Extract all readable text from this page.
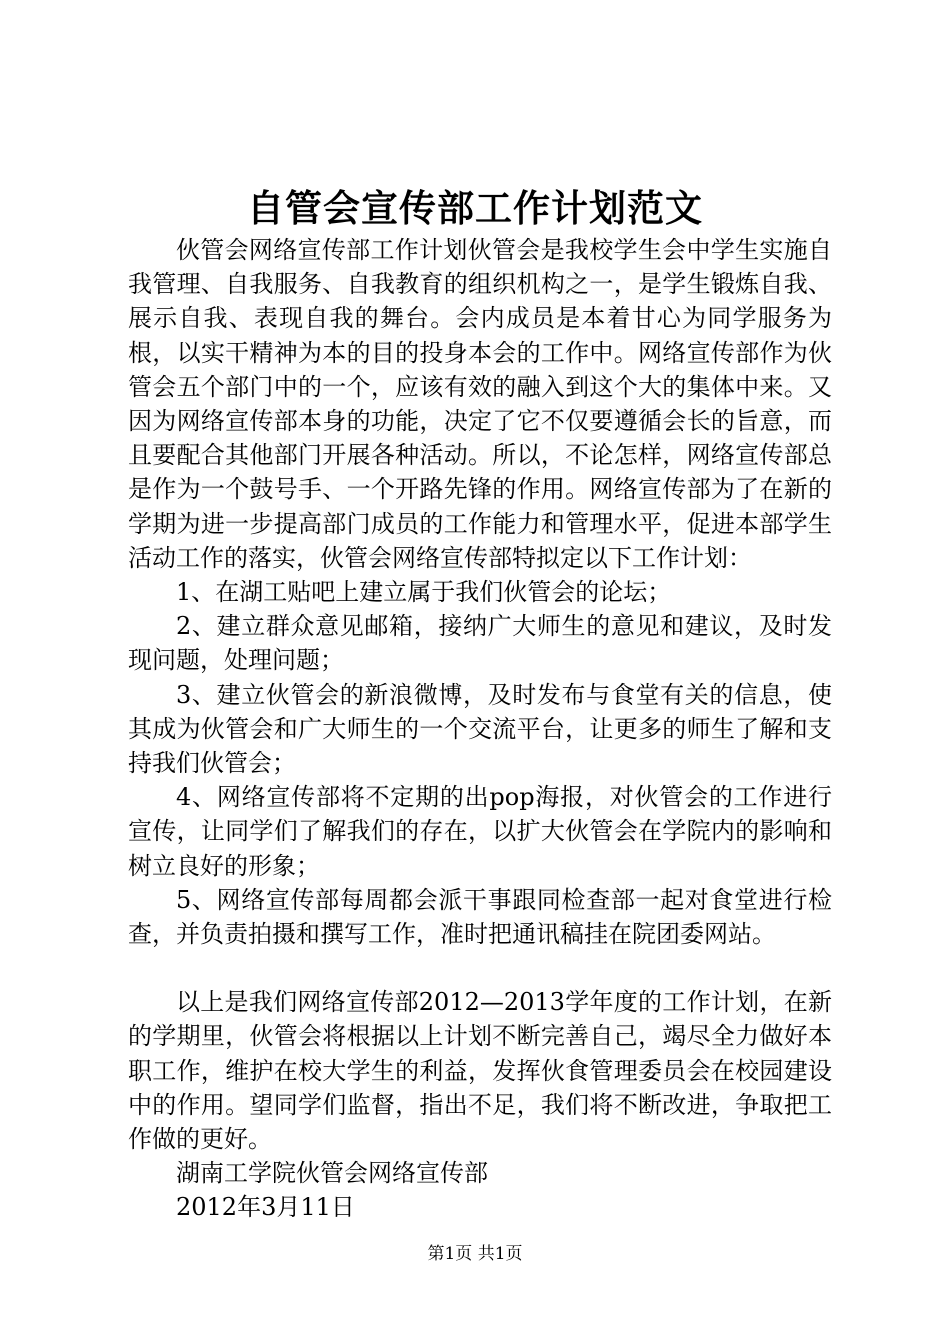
自管会宣传部工作计划范文

伙管会网络宣传部工作计划伙管会是我校学生会中学生实施自我管理、自我服务、自我教育的组织机构之一，是学生锻炼自我、展示自我、表现自我的舞台。会内成员是本着甘心为同学服务为根，以实干精神为本的目的投身本会的工作中。网络宣传部作为伙管会五个部门中的一个，应该有效的融入到这个大的集体中来。又因为网络宣传部本身的功能，决定了它不仅要遵循会长的旨意，而且要配合其他部门开展各种活动。所以，不论怎样，网络宣传部总是作为一个鼓号手、一个开路先锋的作用。网络宣传部为了在新的学期为进一步提高部门成员的工作能力和管理水平，促进本部学生活动工作的落实，伙管会网络宣传部特拟定以下工作计划：

1、在湖工贴吧上建立属于我们伙管会的论坛；

2、建立群众意见邮箱，接纳广大师生的意见和建议，及时发现问题，处理问题；

3、建立伙管会的新浪微博，及时发布与食堂有关的信息，使其成为伙管会和广大师生的一个交流平台，让更多的师生了解和支持我们伙管会；

4、网络宣传部将不定期的出pop海报，对伙管会的工作进行宣传，让同学们了解我们的存在，以扩大伙管会在学院内的影响和树立良好的形象；

5、网络宣传部每周都会派干事跟同检查部一起对食堂进行检查，并负责拍摄和撰写工作，准时把通讯稿挂在院团委网站。

以上是我们网络宣传部2012—2013学年度的工作计划，在新的学期里，伙管会将根据以上计划不断完善自己，竭尽全力做好本职工作，维护在校大学生的利益，发挥伙食管理委员会在校园建设中的作用。望同学们监督，指出不足，我们将不断改进，争取把工作做的更好。

湖南工学院伙管会网络宣传部

2012年3月11日

第1页 共1页
